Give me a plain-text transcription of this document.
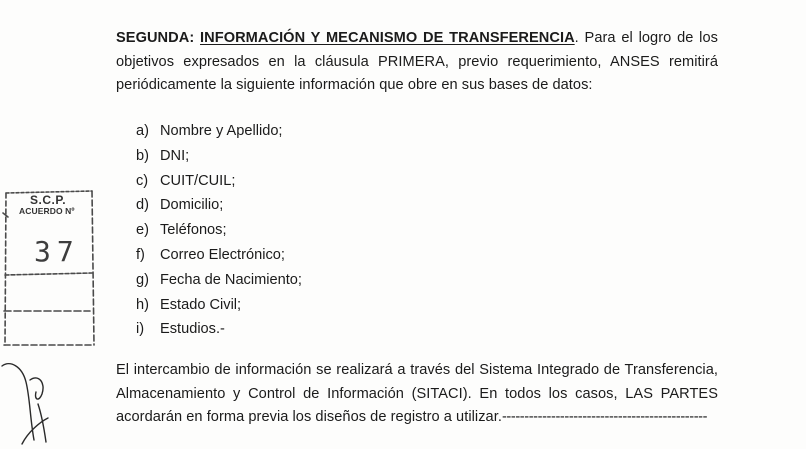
SEGUNDA: INFORMACIÓN Y MECANISMO DE TRANSFERENCIA. Para el logro de los objetivos expresados en la cláusula PRIMERA, previo requerimiento, ANSES remitirá periódicamente la siguiente información que obre en sus bases de datos:
a) Nombre y Apellido;
b) DNI;
c) CUIT/CUIL;
d) Domicilio;
e) Teléfonos;
f) Correo Electrónico;
g) Fecha de Nacimiento;
h) Estado Civil;
i) Estudios.-
El intercambio de información se realizará a través del Sistema Integrado de Transferencia, Almacenamiento y Control de Información (SITACI). En todos los casos, LAS PARTES acordarán en forma previa los diseños de registro a utilizar.----------------------------------------------
S.C.P.
ACUERDO Nº
37
